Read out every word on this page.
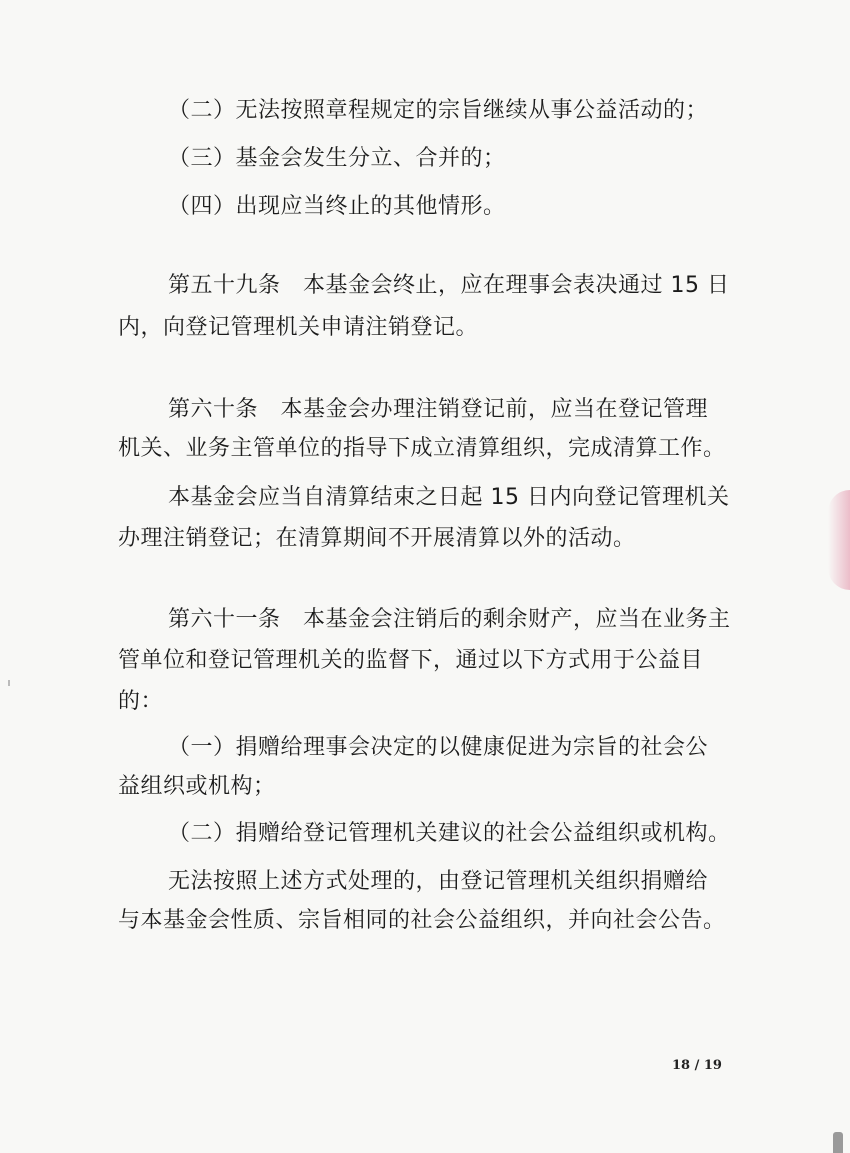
（二）无法按照章程规定的宗旨继续从事公益活动的；
（三）基金会发生分立、合并的；
（四）出现应当终止的其他情形。
第五十九条　本基金会终止，应在理事会表决通过 15 日
内，向登记管理机关申请注销登记。
第六十条　本基金会办理注销登记前，应当在登记管理
机关、业务主管单位的指导下成立清算组织，完成清算工作。
本基金会应当自清算结束之日起 15 日内向登记管理机关
办理注销登记；在清算期间不开展清算以外的活动。
第六十一条　本基金会注销后的剩余财产，应当在业务主
管单位和登记管理机关的监督下，通过以下方式用于公益目
的：
（一）捐赠给理事会决定的以健康促进为宗旨的社会公
益组织或机构；
（二）捐赠给登记管理机关建议的社会公益组织或机构。
无法按照上述方式处理的，由登记管理机关组织捐赠给
与本基金会性质、宗旨相同的社会公益组织，并向社会公告。
18 / 19
